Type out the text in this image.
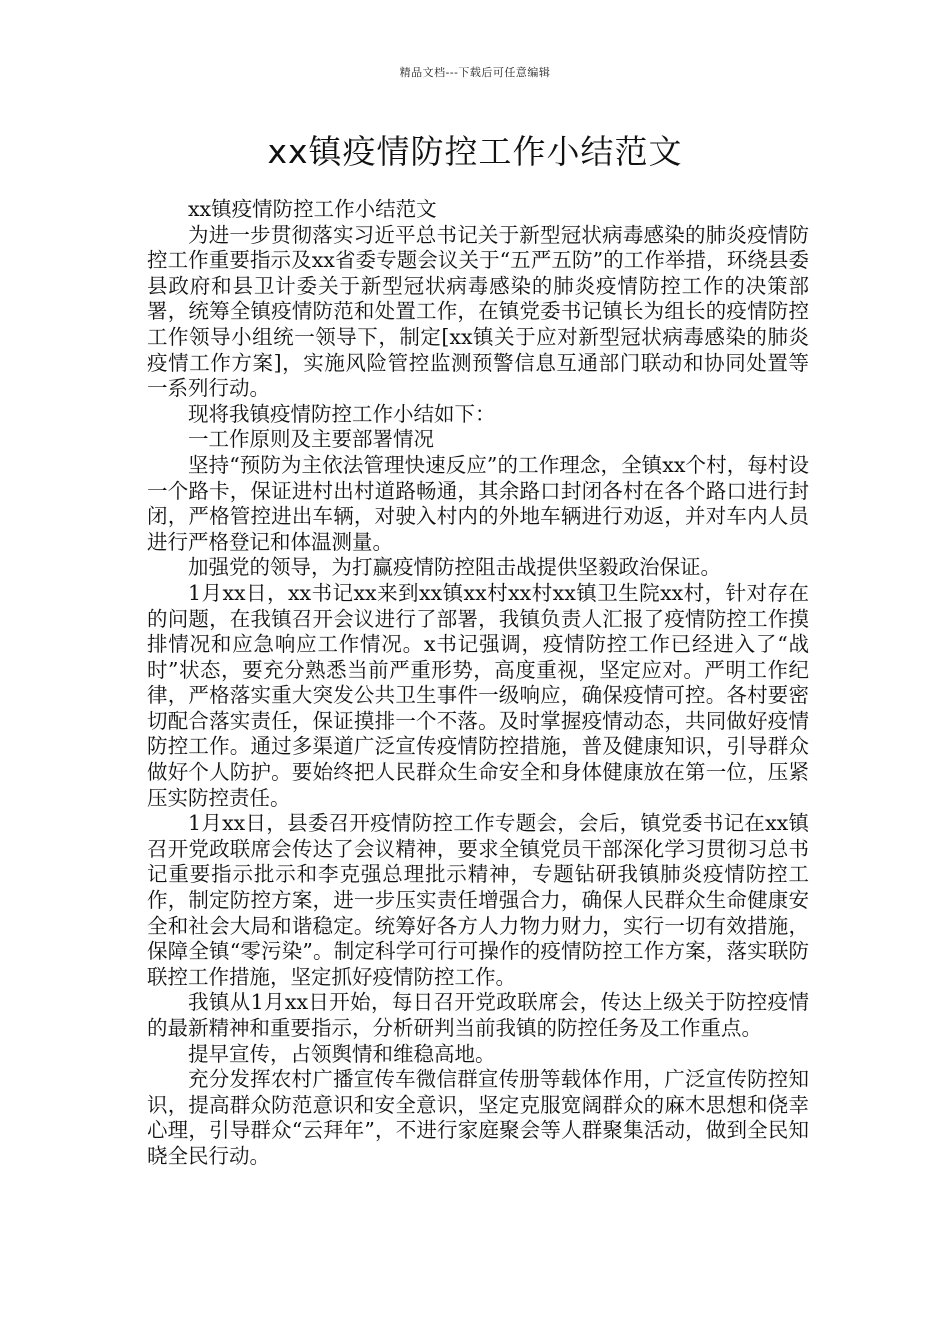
精品文档---下载后可任意编辑
xx镇疫情防控工作小结范文

xx镇疫情防控工作小结范文

为进一步贯彻落实习近平总书记关于新型冠状病毒感染的肺炎疫情防控工作重要指示及xx省委专题会议关于“五严五防”的工作举措，环绕县委县政府和县卫计委关于新型冠状病毒感染的肺炎疫情防控工作的决策部署，统筹全镇疫情防范和处置工作，在镇党委书记镇长为组长的疫情防控工作领导小组统一领导下，制定[xx镇关于应对新型冠状病毒感染的肺炎疫情工作方案]，实施风险管控监测预警信息互通部门联动和协同处置等一系列行动。

现将我镇疫情防控工作小结如下：

一工作原则及主要部署情况

坚持“预防为主依法管理快速反应”的工作理念，全镇xx个村，每村设一个路卡，保证进村出村道路畅通，其余路口封闭各村在各个路口进行封闭，严格管控进出车辆，对驶入村内的外地车辆进行劝返，并对车内人员进行严格登记和体温测量。

加强党的领导，为打赢疫情防控阻击战提供坚毅政治保证。

1月xx日，xx书记xx来到xx镇xx村xx村xx镇卫生院xx村，针对存在的问题，在我镇召开会议进行了部署，我镇负责人汇报了疫情防控工作摸排情况和应急响应工作情况。x书记强调，疫情防控工作已经进入了“战时”状态，要充分熟悉当前严重形势，高度重视，坚定应对。严明工作纪律，严格落实重大突发公共卫生事件一级响应，确保疫情可控。各村要密切配合落实责任，保证摸排一个不落。及时掌握疫情动态，共同做好疫情防控工作。通过多渠道广泛宣传疫情防控措施，普及健康知识，引导群众做好个人防护。要始终把人民群众生命安全和身体健康放在第一位，压紧压实防控责任。

1月xx日，县委召开疫情防控工作专题会，会后，镇党委书记在xx镇召开党政联席会传达了会议精神，要求全镇党员干部深化学习贯彻习总书记重要指示批示和李克强总理批示精神，专题钻研我镇肺炎疫情防控工作，制定防控方案，进一步压实责任增强合力，确保人民群众生命健康安全和社会大局和谐稳定。统筹好各方人力物力财力，实行一切有效措施，保障全镇“零污染”。制定科学可行可操作的疫情防控工作方案，落实联防联控工作措施，坚定抓好疫情防控工作。

我镇从1月xx日开始，每日召开党政联席会，传达上级关于防控疫情的最新精神和重要指示，分析研判当前我镇的防控任务及工作重点。

提早宣传，占领舆情和维稳高地。

充分发挥农村广播宣传车微信群宣传册等载体作用，广泛宣传防控知识，提高群众防范意识和安全意识，坚定克服宽阔群众的麻木思想和侥幸心理，引导群众“云拜年”，不进行家庭聚会等人群聚集活动，做到全民知晓全民行动。
